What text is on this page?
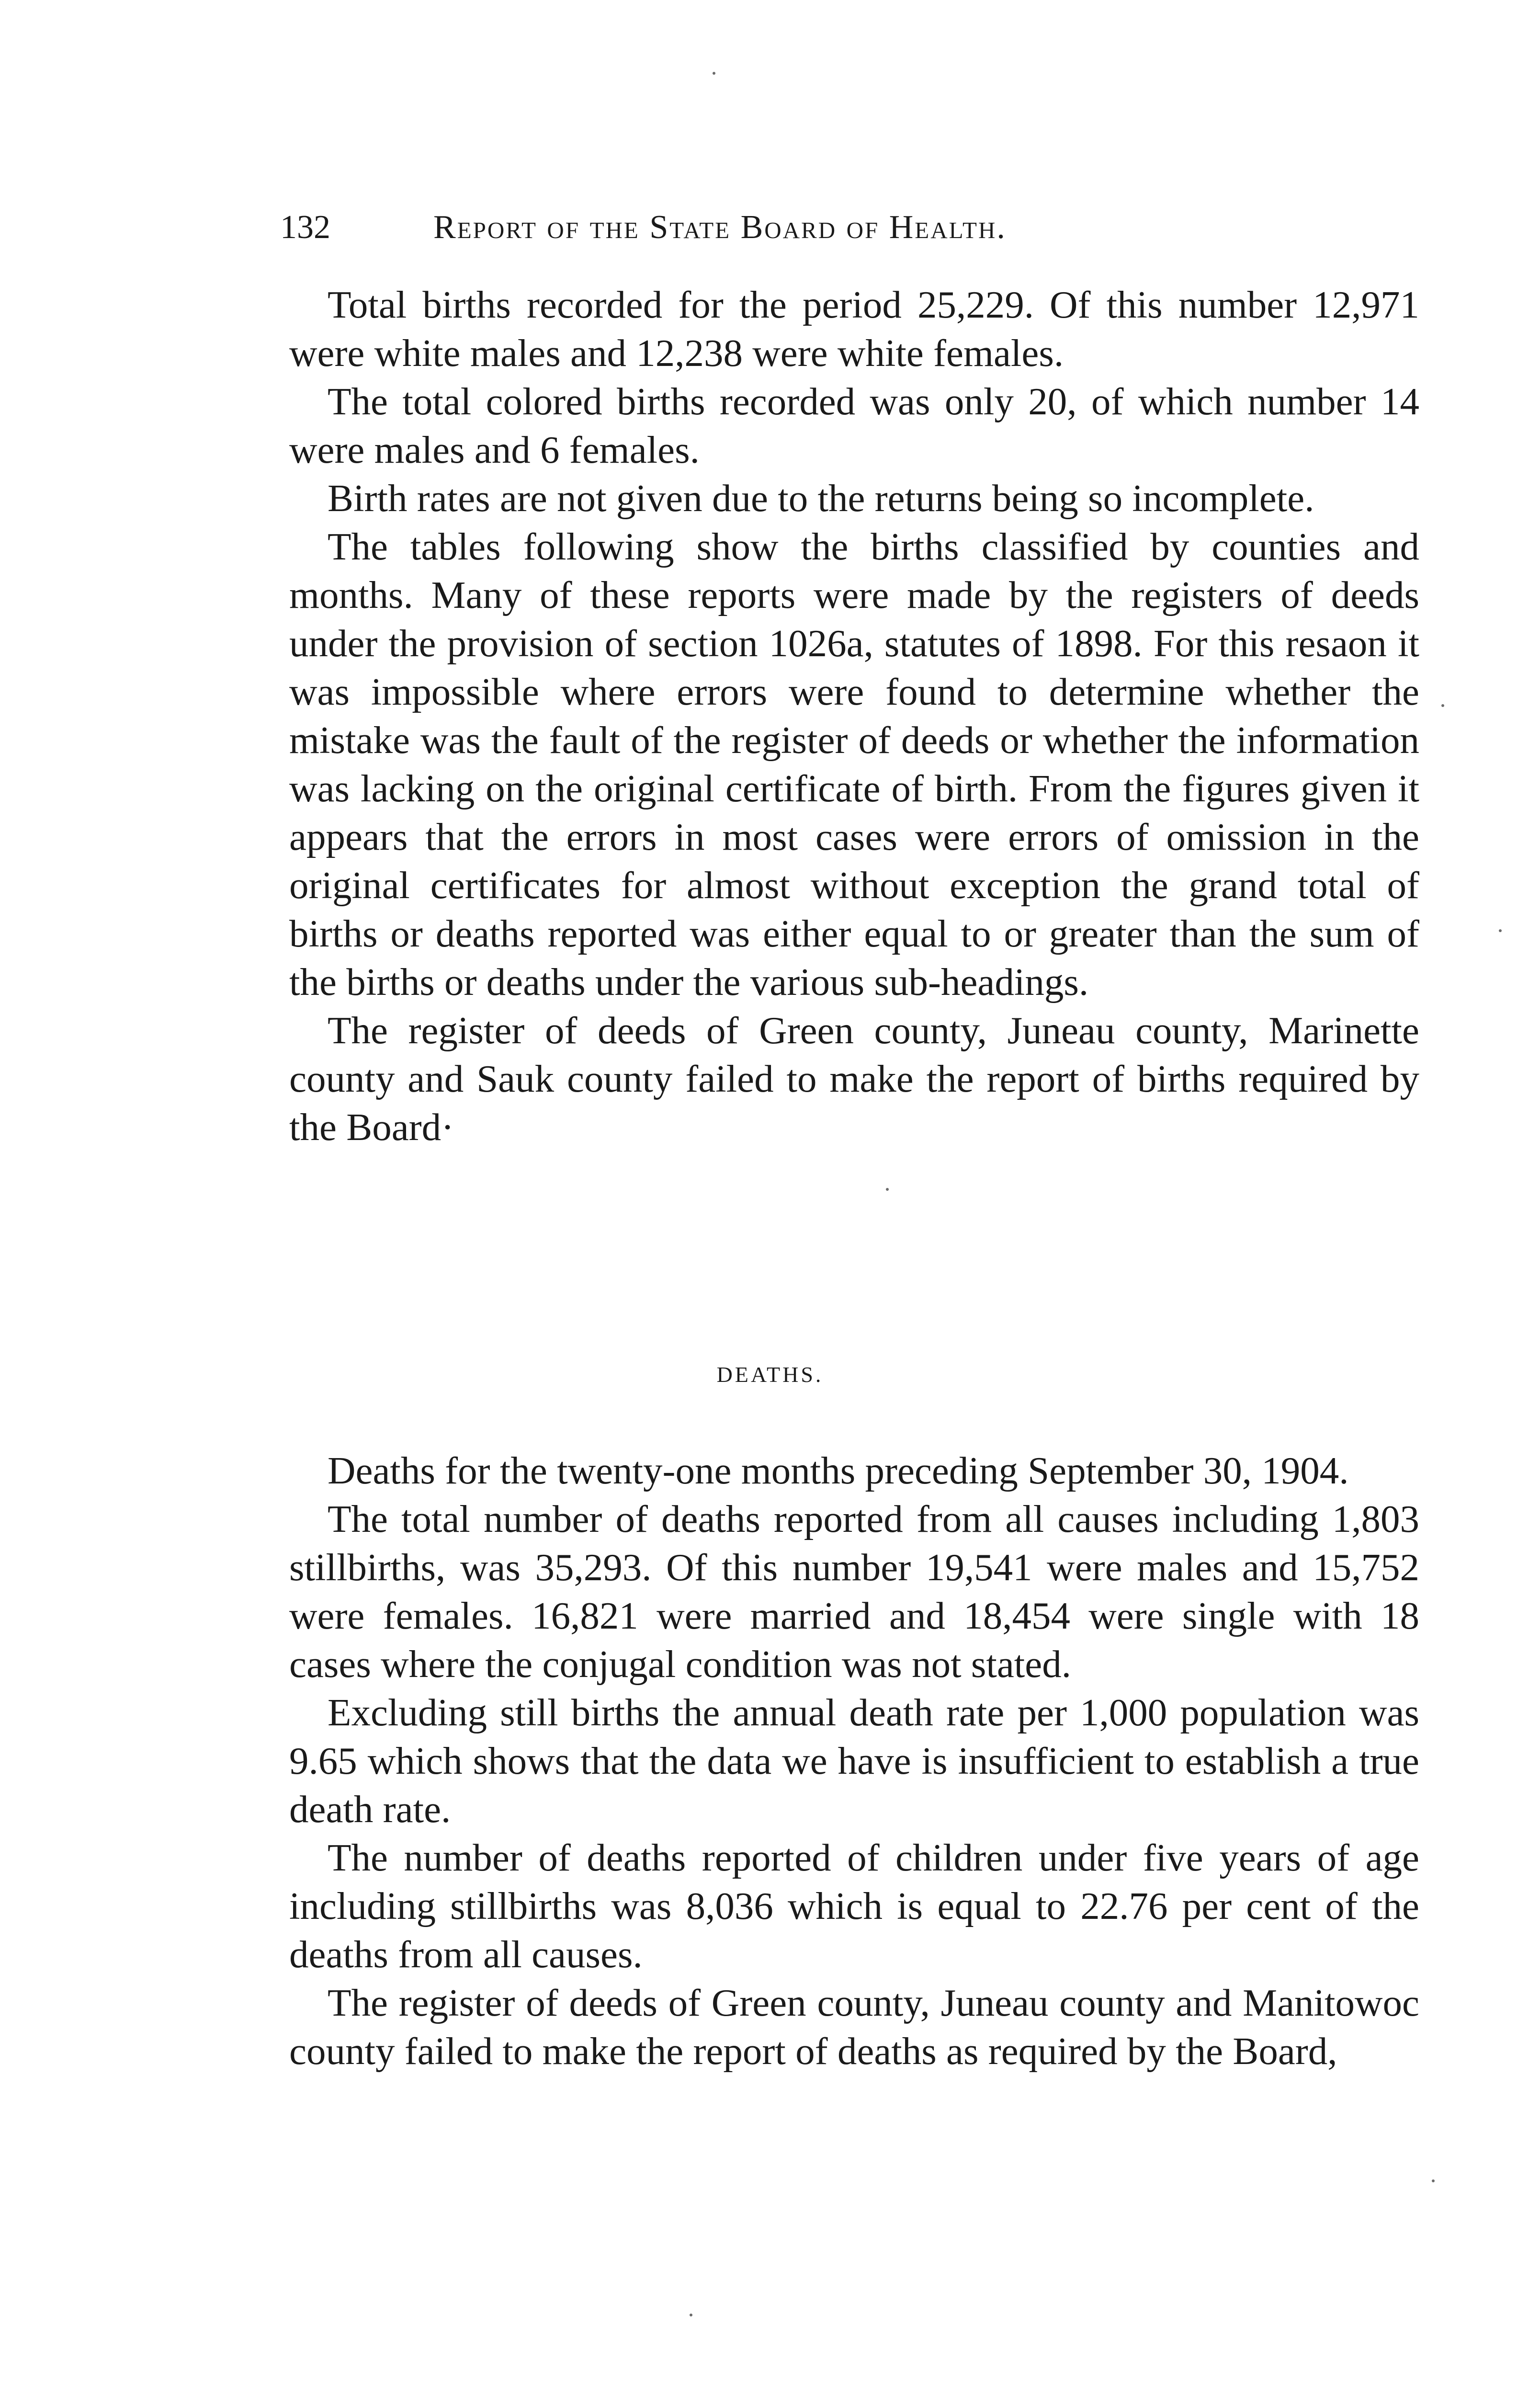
132	Report of the State Board of Health.

Total births recorded for the period 25,229. Of this number 12,971 were white males and 12,238 were white females.

The total colored births recorded was only 20, of which number 14 were males and 6 females.

Birth rates are not given due to the returns being so incomplete.

The tables following show the births classified by counties and months. Many of these reports were made by the registers of deeds under the provision of section 1026a, statutes of 1898. For this resaon it was impossible where errors were found to determine whether the mistake was the fault of the register of deeds or whether the information was lacking on the original certificate of birth. From the figures given it appears that the errors in most cases were errors of omission in the original certificates for almost without exception the grand total of births or deaths reported was either equal to or greater than the sum of the births or deaths under the various sub-headings.

The register of deeds of Green county, Juneau county, Marinette county and Sauk county failed to make the report of births required by the Board·

DEATHS.

Deaths for the twenty-one months preceding September 30, 1904.

The total number of deaths reported from all causes including 1,803 stillbirths, was 35,293. Of this number 19,541 were males and 15,752 were females. 16,821 were married and 18,454 were single with 18 cases where the conjugal condition was not stated.

Excluding still births the annual death rate per 1,000 population was 9.65 which shows that the data we have is insufficient to establish a true death rate.

The number of deaths reported of children under five years of age including stillbirths was 8,036 which is equal to 22.76 per cent of the deaths from all causes.

The register of deeds of Green county, Juneau county and Manitowoc county failed to make the report of deaths as required by the Board,
